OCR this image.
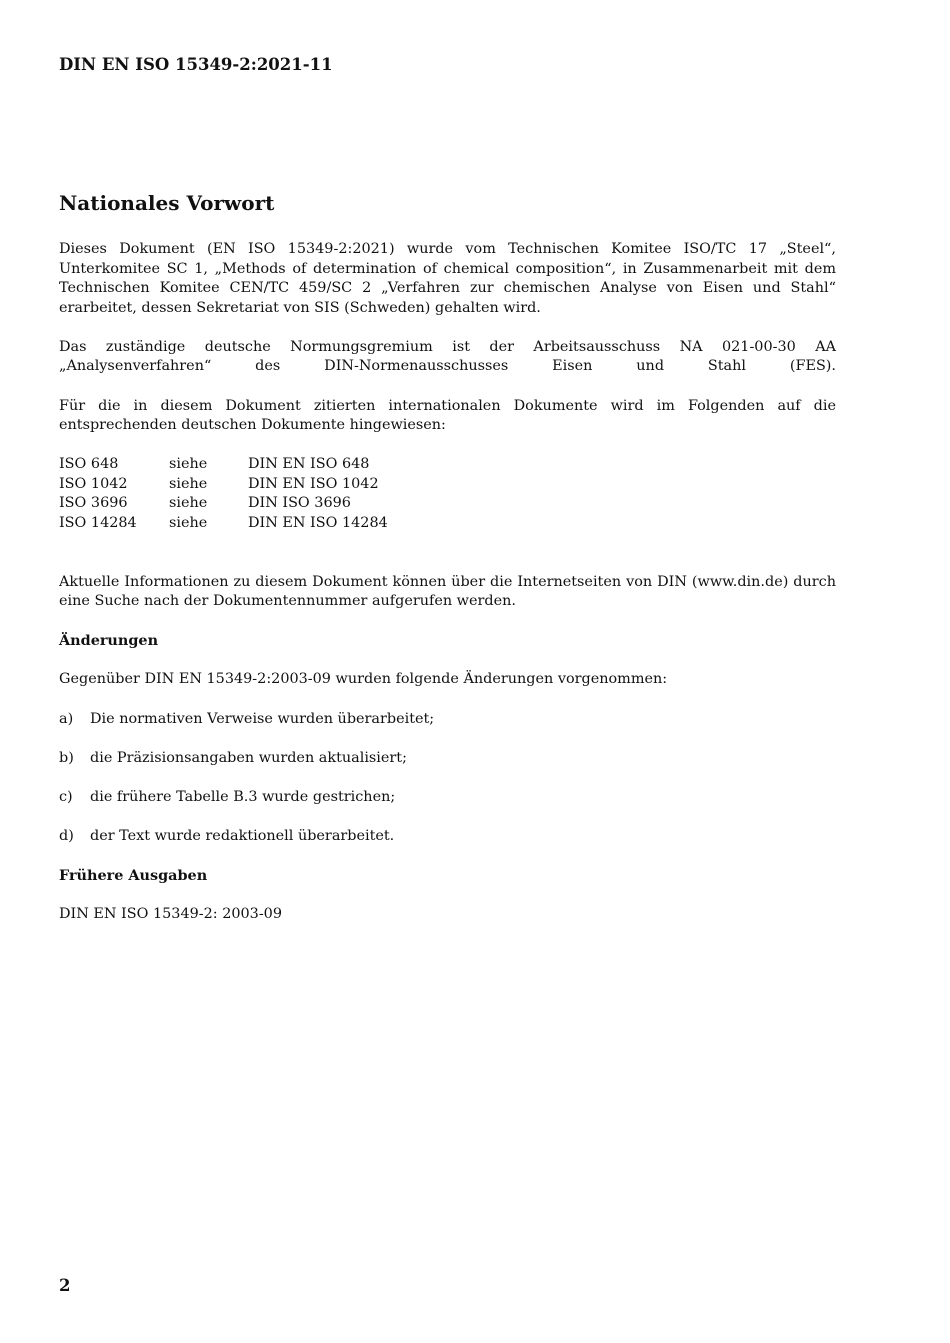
DIN EN ISO 15349-2:2021-11

Nationales Vorwort

Dieses Dokument (EN ISO 15349-2:2021) wurde vom Technischen Komitee ISO/TC 17 „Steel“, Unterkomitee SC 1, „Methods of determination of chemical composition“, in Zusammenarbeit mit dem Technischen Komitee CEN/TC 459/SC 2 „Verfahren zur chemischen Analyse von Eisen und Stahl“ erarbeitet, dessen Sekretariat von SIS (Schweden) gehalten wird.

Das zuständige deutsche Normungsgremium ist der Arbeitsausschuss NA 021-00-30 AA „Analysenverfahren“ des DIN-Normenausschusses Eisen und Stahl (FES).

Für die in diesem Dokument zitierten internationalen Dokumente wird im Folgenden auf die entsprechenden deutschen Dokumente hingewiesen:

ISO 648	siehe	DIN EN ISO 648
ISO 1042	siehe	DIN EN ISO 1042
ISO 3696	siehe	DIN ISO 3696
ISO 14284	siehe	DIN EN ISO 14284

Aktuelle Informationen zu diesem Dokument können über die Internetseiten von DIN (www.din.de) durch eine Suche nach der Dokumentennummer aufgerufen werden.

Änderungen

Gegenüber DIN EN 15349-2:2003-09 wurden folgende Änderungen vorgenommen:

a)	Die normativen Verweise wurden überarbeitet;
b)	die Präzisionsangaben wurden aktualisiert;
c)	die frühere Tabelle B.3 wurde gestrichen;
d)	der Text wurde redaktionell überarbeitet.
Frühere Ausgaben

DIN EN ISO 15349-2: 2003-09

2
